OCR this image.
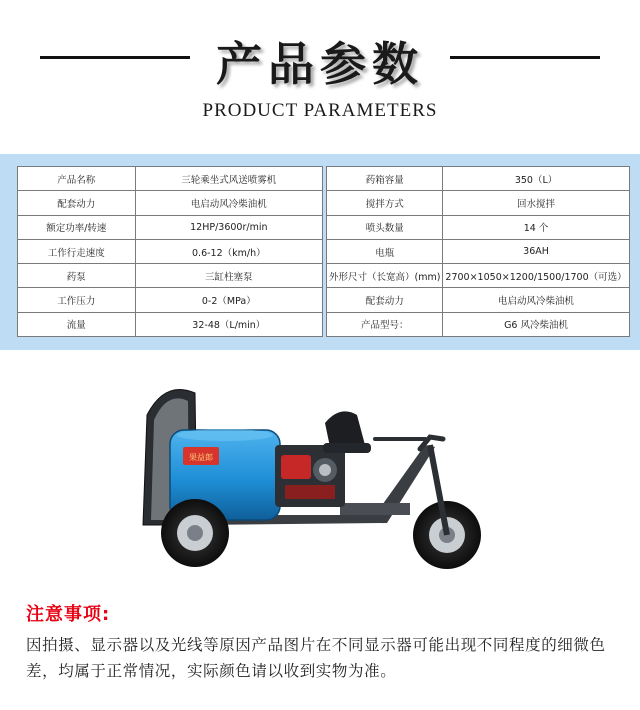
产品参数
PRODUCT PARAMETERS
产品名称	三轮乘坐式风送喷雾机
配套动力	电启动风冷柴油机
额定功率/转速	12HP/3600r/min
工作行走速度	0.6-12（km/h）
药泵	三缸柱塞泵
工作压力	0-2（MPa）
流量	32-48（L/min）
药箱容量	350（L）
搅拌方式	回水搅拌
喷头数量	14 个
电瓶	36AH
外形尺寸（长宽高）(mm)	2700×1050×1200/1500/1700（可选）
配套动力	电启动风冷柴油机
产品型号：	G6 风冷柴油机
果益郎
注意事项:
因拍摄、显示器以及光线等原因产品图片在不同显示器可能出现不同程度的细微色差，均属于正常情况，实际颜色请以收到实物为准。
